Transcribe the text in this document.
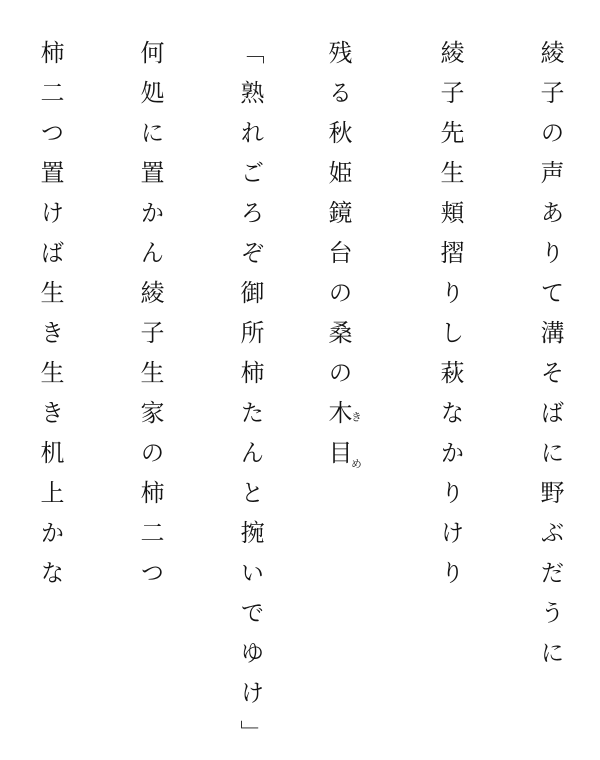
綾子の声ありて溝そばに野ぶだうに
綾子先生頬摺りし萩なかりけり
残る秋姫鏡台の桑の木目きめ
「熟れごろぞ御所柿たんと捥いでゆけ」
何処に置かん綾子生家の柿二つ
柿二つ置けば生き生き机上かな
